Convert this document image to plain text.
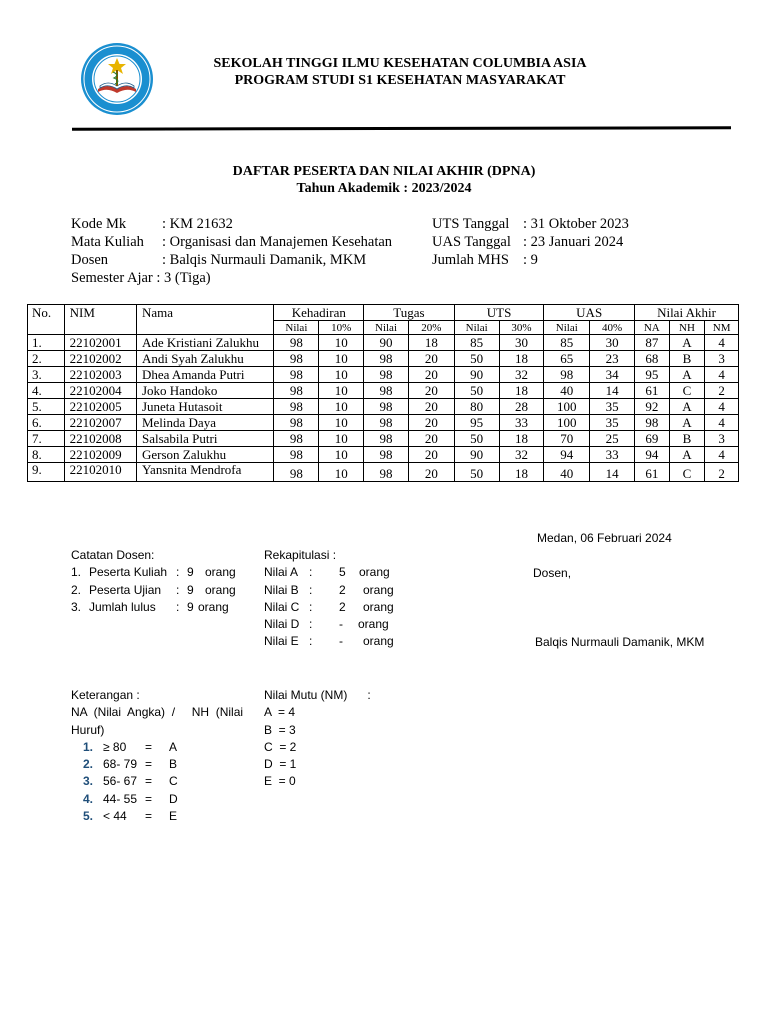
SEKOLAH TINGGI ILMU KESEHATAN COLUMBIA ASIA
PROGRAM STUDI S1 KESEHATAN MASYARAKAT
DAFTAR PESERTA DAN NILAI AKHIR (DPNA)
Tahun Akademik : 2023/2024
Kode Mk : KM 21632
Mata Kuliah : Organisasi dan Manajemen Kesehatan
Dosen	: Balqis Nurmauli Damanik, MKM
Semester Ajar : 3 (Tiga)
UTS Tanggal : 31 Oktober 2023
UAS Tanggal : 23 Januari 2024
Jumlah MHS : 9
No.	NIM	Nama	Kehadiran		Tugas		UTS		UAS		Nilai Akhir		
			Nilai	10%	Nilai	20%	Nilai	30%	Nilai	40%	NA	NH	NM
1.	22102001	Ade Kristiani Zalukhu	98	10	90	18	85	30	85	30	87	A	4
2.	22102002	Andi Syah Zalukhu	98	10	98	20	50	18	65	23	68	B	3
3.	22102003	Dhea Amanda Putri	98	10	98	20	90	32	98	34	95	A	4
4.	22102004	Joko Handoko	98	10	98	20	50	18	40	14	61	C	2
5.	22102005	Juneta Hutasoit	98	10	98	20	80	28	100	35	92	A	4
6.	22102007	Melinda Daya	98	10	98	20	95	33	100	35	98	A	4
7.	22102008	Salsabila Putri	98	10	98	20	50	18	70	25	69	B	3
8.	22102009	Gerson Zalukhu	98	10	98	20	90	32	94	33	94	A	4
9.	22102010	Yansnita Mendrofa	98	10	98	20	50	18	40	14	61	C	2
Medan, 06 Februari 2024
Catatan Dosen:
1. Peserta Kuliah : 9 orang
2. Peserta Ujian : 9 orang
3. Jumlah lulus : 9 orang
Rekapitulasi :
Nilai A : 5 orang
Nilai B : 2 orang
Nilai C : 2 orang
Nilai D : - orang
Nilai E : - orang
Dosen,
Balqis Nurmauli Damanik, MKM
Keterangan :
NA  (Nilai  Angka)  /     NH  (Nilai
Huruf)
1. ≥ 80 = A
2. 68- 79 = B
3. 56- 67 = C
4. 44- 55 = D
5. < 44 = E
Nilai Mutu (NM)      :
A  = 4
B  = 3
C  = 2
D  = 1
E  = 0
